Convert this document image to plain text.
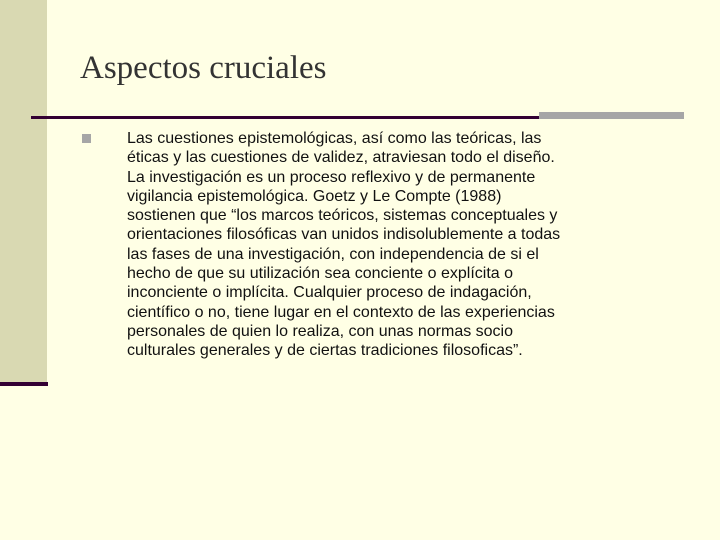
Aspectos cruciales

Las cuestiones epistemológicas, así como las teóricas, las
éticas y las cuestiones de validez, atraviesan todo el diseño.
La investigación es un proceso reflexivo y de permanente
vigilancia epistemológica. Goetz y Le Compte (1988)
sostienen que “los marcos teóricos, sistemas conceptuales y
orientaciones filosóficas van unidos indisolublemente a todas
las fases de una investigación, con independencia de si el
hecho de que su utilización sea conciente o explícita o
inconciente o implícita. Cualquier proceso de indagación,
científico o no, tiene lugar en el contexto de las experiencias
personales de quien lo realiza, con unas normas socio
culturales generales y de ciertas tradiciones filosoficas”.
